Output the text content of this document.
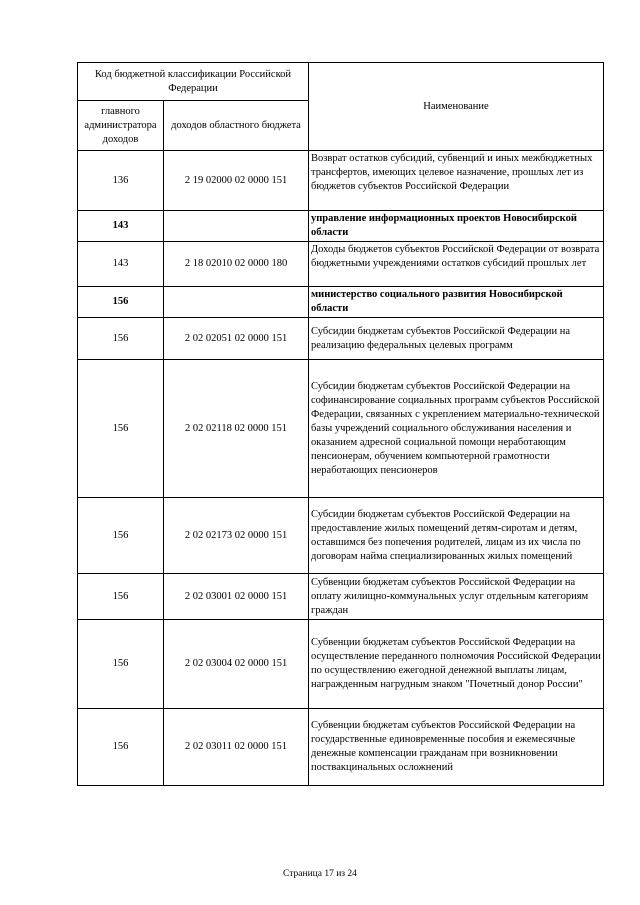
Код бюджетной классификации Российской Федерации		Наименование
главного администратора доходов	доходов областного бюджета	
136	2 19 02000 02 0000 151	Возврат остатков субсидий, субвенций и иных межбюджетных трансфертов, имеющих целевое назначение, прошлых лет из бюджетов субъектов Российской Федерации
143		управление информационных проектов Новосибирской области
143	2 18 02010 02 0000 180	Доходы бюджетов субъектов Российской Федерации от возврата бюджетными учреждениями остатков субсидий прошлых лет
156		министерство социального развития Новосибирской области
156	2 02 02051 02 0000 151	Субсидии бюджетам субъектов Российской Федерации на реализацию федеральных целевых программ
156	2 02 02118 02 0000 151	Субсидии бюджетам субъектов Российской Федерации на софинансирование социальных программ субъектов Российской Федерации, связанных с укреплением материально-технической базы учреждений социального обслуживания населения и оказанием адресной социальной помощи неработающим пенсионерам, обучением компьютерной грамотности неработающих пенсионеров
156	2 02 02173 02 0000 151	Субсидии бюджетам субъектов Российской Федерации на предоставление жилых помещений детям-сиротам и детям, оставшимся без попечения родителей, лицам из их числа по договорам найма специализированных жилых помещений
156	2 02 03001 02 0000 151	Субвенции бюджетам субъектов Российской Федерации на оплату жилищно-коммунальных услуг отдельным категориям граждан
156	2 02 03004 02 0000 151	Субвенции бюджетам субъектов Российской Федерации на осуществление переданного полномочия Российской Федерации по осуществлению ежегодной денежной выплаты лицам, награжденным нагрудным знаком "Почетный донор России"
156	2 02 03011 02 0000 151	Субвенции бюджетам субъектов Российской Федерации на государственные единовременные пособия и ежемесячные денежные компенсации гражданам при возникновении поствакцинальных осложнений
Страница 17 из 24
